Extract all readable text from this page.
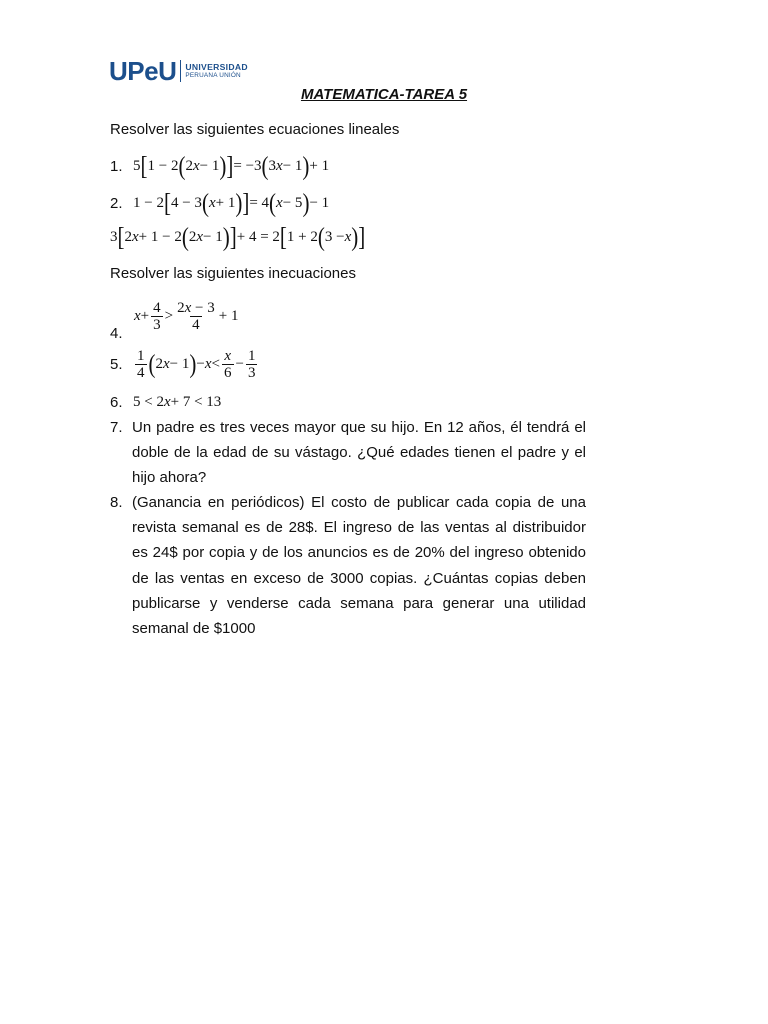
UPeU UNIVERSIDAD
PERUANA UNIÓN
MATEMATICA-TAREA 5
Resolver las siguientes ecuaciones lineales
1. 5 [ 1 − 2 ( 2 x − 1 ) ] = −3 ( 3 x − 1 ) + 1
2. 1 − 2 [ 4 − 3 ( x + 1 ) ] = 4 ( x − 5 ) − 1
3 [ 2 x + 1 − 2 ( 2 x − 1 ) ] + 4 = 2 [ 1 + 2 ( 3 − x ) ]
Resolver las siguientes inecuaciones
$x + \frac{4}{3} > \frac{2x - 3}{4} + 1$
4.
5. $\frac{1}{4}$ ( 2 x − 1 ) − $x < \frac{x}{6} - \frac{1}{3}$
6. 5 < 2 x + 7 < 13
7. Un padre es tres veces mayor que su hijo. En 12 años, él tendrá el doble de la edad de su vástago. ¿Qué edades tienen el padre y el hijo ahora?
8. (Ganancia en periódicos) El costo de publicar cada copia de una revista semanal es de 28$. El ingreso de las ventas al distribuidor es 24$ por copia y de los anuncios es de 20% del ingreso obtenido de las ventas en exceso de 3000 copias. ¿Cuántas copias deben publicarse y venderse cada semana para generar una utilidad semanal de $1000
